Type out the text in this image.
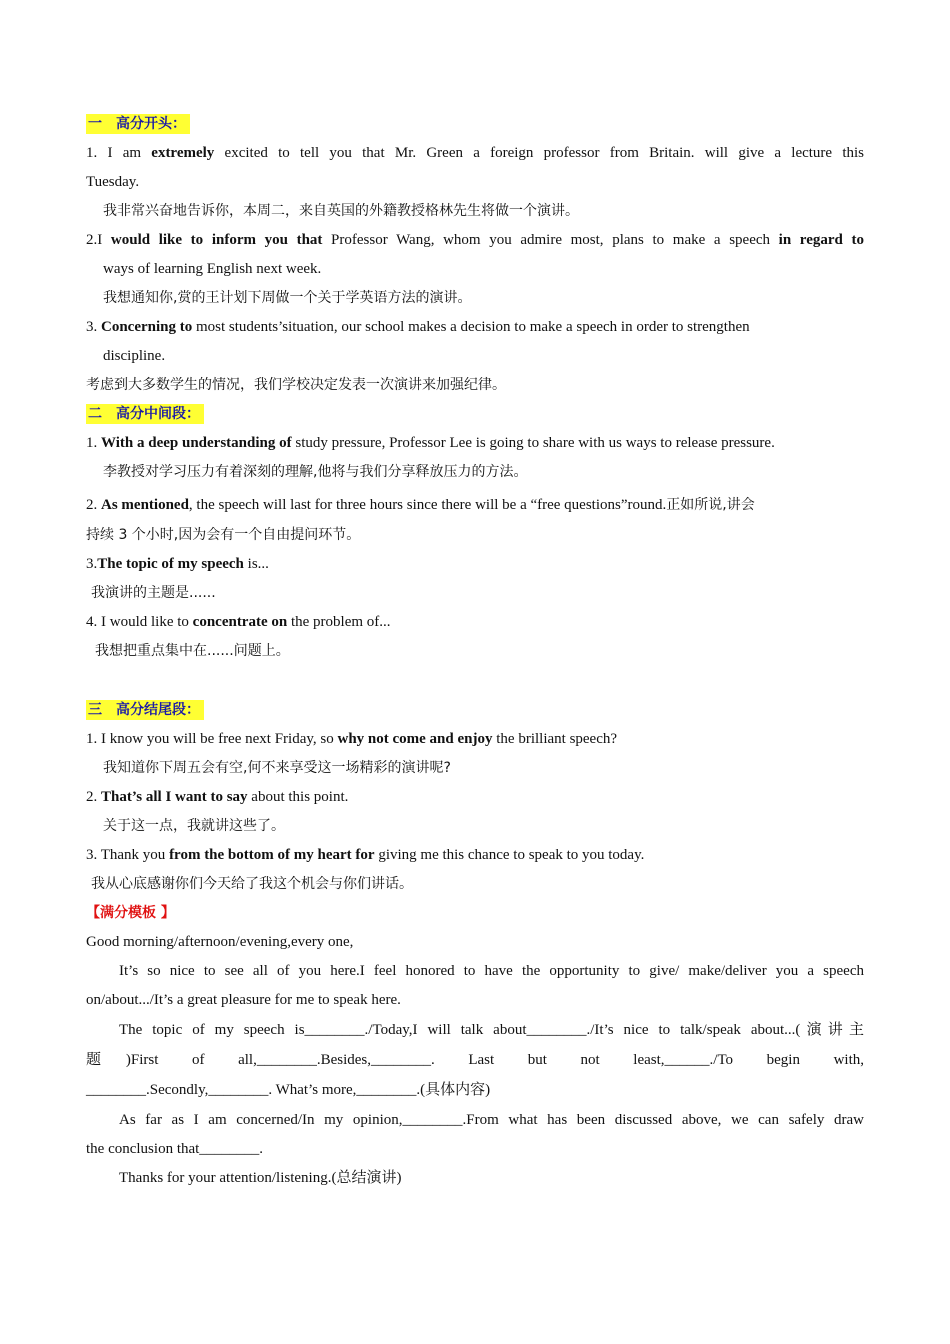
一　高分开头：

1. I am extremely excited to tell you that Mr. Green a foreign professor from Britain. will give a lecture this

Tuesday.

我非常兴奋地告诉你，本周二，来自英国的外籍教授格林先生将做一个演讲。

2.I would like to inform you that Professor Wang, whom you admire most, plans to make a speech in regard to

ways of learning English next week.

我想通知你,赏的王计划下周做一个关于学英语方法的演讲。

3. Concerning to most students’situation, our school makes a decision to make a speech in order to strengthen

discipline.

考虑到大多数学生的情况，我们学校决定发表一次演讲来加强纪律。

二　高分中间段：

1. With a deep understanding of study pressure, Professor Lee is going to share with us ways to release pressure.

李教授对学习压力有着深刻的理解,他将与我们分享释放压力的方法。

2. As mentioned, the speech will last for three hours since there will be a “free questions”round.正如所说,讲会

持续 3 个小时,因为会有一个自由提问环节。

3.The topic of my speech is...

我演讲的主题是......

4. I would like to concentrate on the problem of...

我想把重点集中在......问题上。

三　高分结尾段：

1. I know you will be free next Friday, so why not come and enjoy the brilliant speech?

我知道你下周五会有空,何不来享受这一场精彩的演讲呢?

2. That’s all I want to say about this point.

关于这一点，我就讲这些了。

3. Thank you from the bottom of my heart for giving me this chance to speak to you today.

我从心底感谢你们今天给了我这个机会与你们讲话。

【满分模板 】

Good morning/afternoon/evening,every one,

It’s so nice to see all of you here.I feel honored to have the opportunity to give/ make/deliver you a speech

on/about.../It’s a great pleasure for me to speak here.

The topic of my speech is________./Today,I will talk about________./It’s nice to talk/speak about...(演讲主

题　)First　 of　 all,________.Besides,________.　 Last　 but　 not　 least,______./To　 begin　 with,

________.Secondly,________. What’s more,________.(具体内容)

As far as I am concerned/In my opinion,________.From what has been discussed above, we can safely draw

the conclusion that________.

Thanks for your attention/listening.(总结演讲)
